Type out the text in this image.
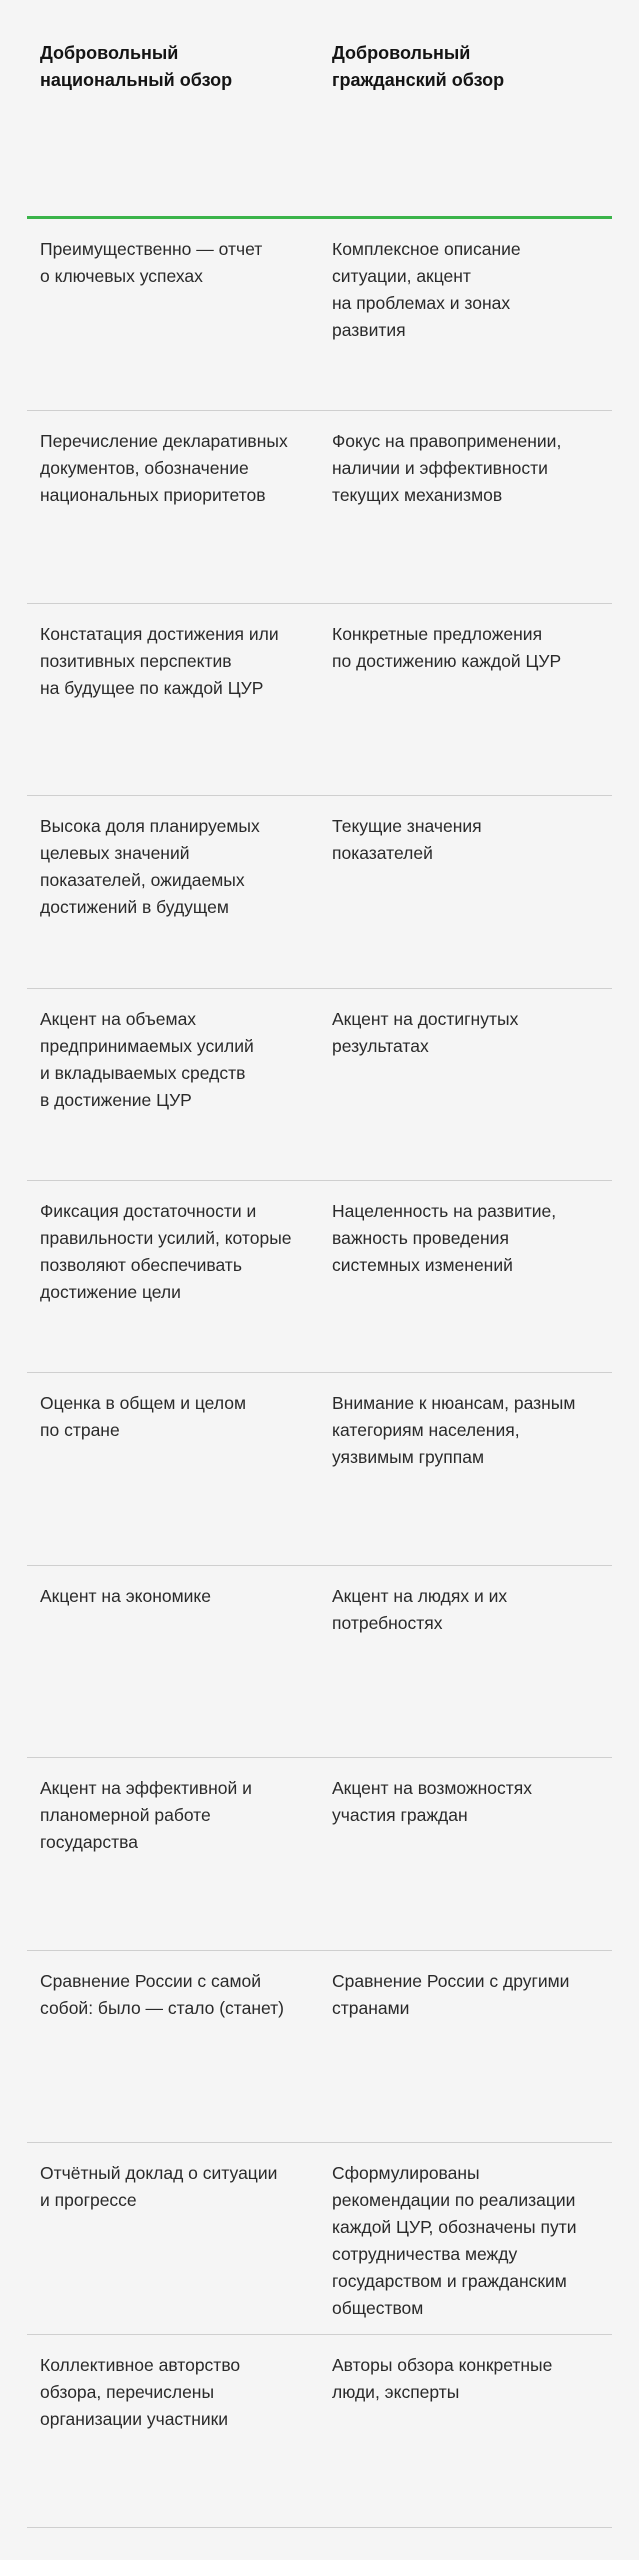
Добровольный
национальный обзор
Добровольный
гражданский обзор
Преимущественно — отчет
о ключевых успехах
Комплексное описание
ситуации, акцент
на проблемах и зонах
развития
Перечисление декларативных
документов, обозначение
национальных приоритетов
Фокус на правоприменении,
наличии и эффективности
текущих механизмов
Констатация достижения или
позитивных перспектив
на будущее по каждой ЦУР
Конкретные предложения
по достижению каждой ЦУР
Высока доля планируемых
целевых значений
показателей, ожидаемых
достижений в будущем
Текущие значения
показателей
Акцент на объемах
предпринимаемых усилий
и вкладываемых средств
в достижение ЦУР
Акцент на достигнутых
результатах
Фиксация достаточности и
правильности усилий, которые
позволяют обеспечивать
достижение цели
Нацеленность на развитие,
важность проведения
системных изменений
Оценка в общем и целом
по стране
Внимание к нюансам, разным
категориям населения,
уязвимым группам
Акцент на экономике	Акцент на людях и их
потребностях
Акцент на эффективной и
планомерной работе
государства
Акцент на возможностях
участия граждан
Сравнение России с самой
собой: было — стало (станет)
Сравнение России с другими
странами
Отчётный доклад о ситуации
и прогрессе
Сформулированы
рекомендации по реализации
каждой ЦУР, обозначены пути
сотрудничества между
государством и гражданским
обществом
Коллективное авторство
обзора, перечислены
организации участники
Авторы обзора конкретные
люди, эксперты
